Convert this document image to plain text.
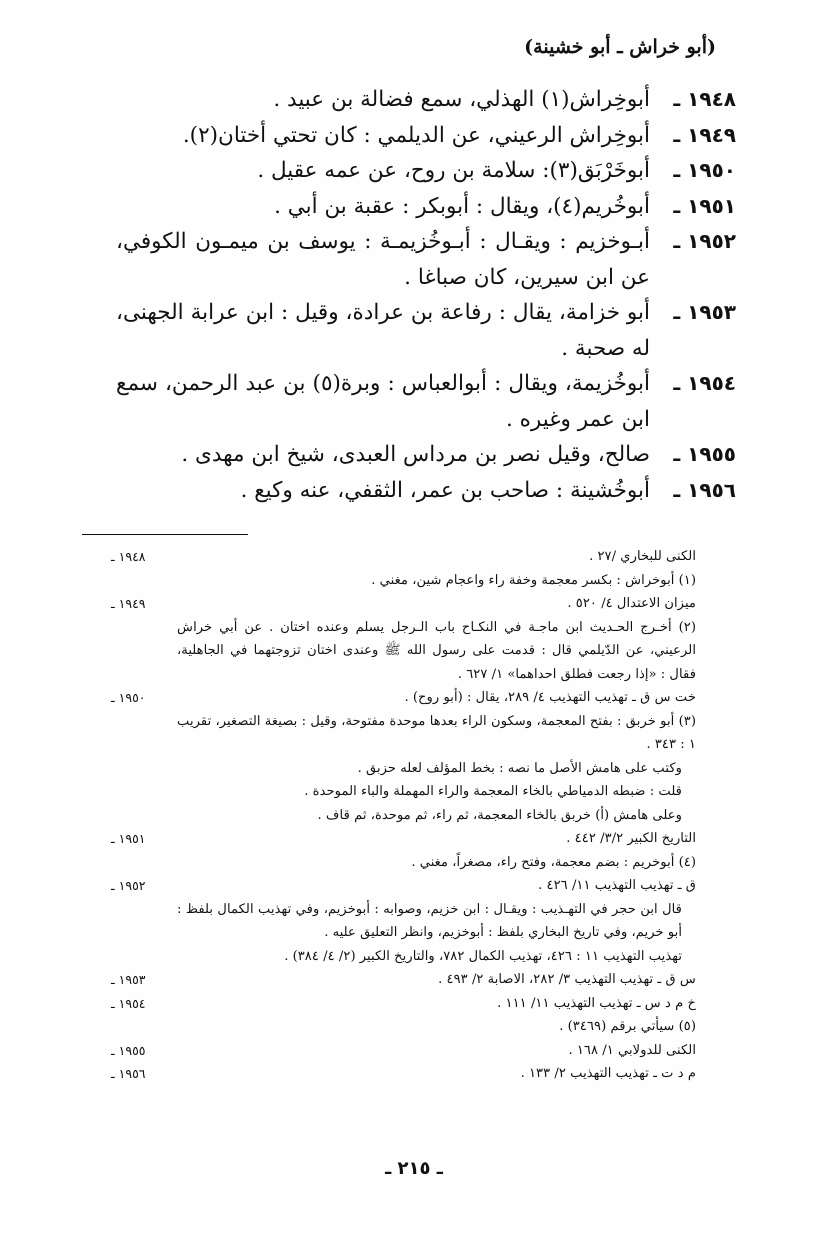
(أبو خراش ـ أبو خشينة)
١٩٤٨ ـ
أبوخِراش(١) الهذلي، سمع فضالة بن عبيد .
١٩٤٩ ـ
أبوخِراش الرعيني، عن الديلمي : كان تحتي أختان(٢).
١٩٥٠ ـ
أبوخَرْبَق(٣): سلامة بن روح، عن عمه عقيل .
١٩٥١ ـ
أبوخُريم(٤)، ويقال : أبوبكر : عقبة بن أبي .
١٩٥٢ ـ
أبـوخزيم : ويقـال : أبـوخُزيمـة : يوسف بن ميمـون الكوفي، عن ابن سيرين، كان صباغا .
١٩٥٣ ـ
أبو خزامة، يقال : رفاعة بن عرادة، وقيل : ابن عرابة الجهنى، له صحبة .
١٩٥٤ ـ
أبوخُزيمة، ويقال : أبوالعباس : وبرة(٥) بن عبد الرحمن، سمع ابن عمر وغيره .
١٩٥٥ ـ
صالح، وقيل نصر بن مرداس العبدى، شيخ ابن مهدى .
١٩٥٦ ـ
أبوخُشينة : صاحب بن عمر، الثقفي، عنه وكيع .
الكنى للبخاري /٢٧ .
(١) أبوخراش : بكسر معجمة وخفة راء واعجام شين، مغني .
١٩٤٨ ـ
ميزان الاعتدال ٤/ ٥٢٠ .
(٢) أخـرج الحـديث ابن ماجـة في النكـاح باب الـرجل يسلم وعنده اختان . عن أبي خراش الرعيني، عن الدّيلمي قال : قدمت على رسول الله ﷺ وعندى اختان تزوجتهما في الجاهلية، فقال : «إذا رجعت فطلق احداهما» ١/ ٦٢٧ .
١٩٤٩ ـ
خت س ق ـ تهذيب التهذيب ٤/ ٢٨٩، يقال : (أبو روح) .
(٣) أبو خربق : بفتح المعجمة، وسكون الراء بعدها موحدة مفتوحة، وقيل : بصيغة التصغير، تقريب ١ : ٣٤٣ .
وكتب على هامش الأصل ما نصه : بخط المؤلف لعله حزبق .
قلت : ضبطه الدمياطي بالخاء المعجمة والراء المهملة والباء الموحدة .
وعلى هامش (أ) خربق بالخاء المعجمة، ثم راء، ثم موحدة، ثم قاف .
١٩٥٠ ـ
التاريخ الكبير ٣/٢/ ٤٤٢ .
(٤) أبوخريم : بضم معجمة، وفتح راء، مصغراً، مغني .
١٩٥١ ـ
ق ـ تهذيب التهذيب ١١/ ٤٢٦ .
قال ابن حجر في التهـذيب : ويقـال : ابن خزيم، وصوابه : أبوخزيم، وفي تهذيب الكمال بلفظ : أبو خريم، وفي تاريخ البخاري بلفظ : أبوخزيم، وانظر التعليق عليه .
تهذيب التهذيب ١١ : ٤٢٦، تهذيب الكمال ٧٨٢، والتاريخ الكبير (٢/ ٤/ ٣٨٤) .
١٩٥٢ ـ
س ق ـ تهذيب التهذيب ٣/ ٢٨٢، الاصابة ٢/ ٤٩٣ .
١٩٥٣ ـ
خ م د س ـ تهذيب التهذيب ١١/ ١١١ .
(٥) سيأتي برقم (٣٤٦٩) .
١٩٥٤ ـ
الكنى للدولابي ١/ ١٦٨ .
١٩٥٥ ـ
م د ت ـ تهذيب التهذيب ٢/ ١٣٣ .
١٩٥٦ ـ
ـ ٢١٥ ـ
